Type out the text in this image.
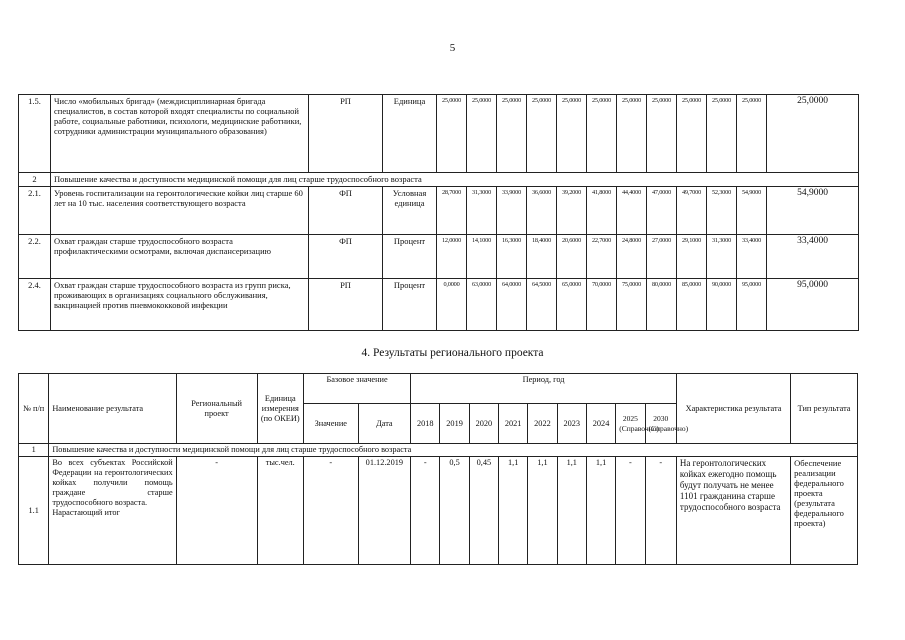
5
1.5.	Число «мобильных бригад» (междисциплинарная бригада специалистов, в состав которой входят специалисты по социальной работе, социальные работники, психологи, медицинские работники, сотрудники администрации муниципального образования)	РП	Единица	25,0000	25,0000	25,0000	25,0000	25,0000	25,0000	25,0000	25,0000	25,0000	25,0000	25,0000	25,0000
2	Повышение качества и доступности медицинской помощи для лиц старше трудоспособного возраста														
2.1.	Уровень госпитализации на геронтологические койки лиц старше 60 лет на 10 тыс. населения соответствующего возраста	ФП	Условная единица	28,7000	31,3000	33,9000	36,6000	39,2000	41,8000	44,4000	47,0000	49,7000	52,3000	54,9000	54,9000
2.2.	Охват граждан старше трудоспособного возраста профилактическими осмотрами, включая диспансеризацию	ФП	Процент	12,0000	14,1000	16,3000	18,4000	20,6000	22,7000	24,8000	27,0000	29,1000	31,3000	33,4000	33,4000
2.4.	Охват граждан старше трудоспособного возраста из групп риска, проживающих в организациях социального обслуживания, вакцинацией против пневмококковой инфекции	РП	Процент	0,0000	63,0000	64,0000	64,5000	65,0000	70,0000	75,0000	80,0000	85,0000	90,0000	95,0000	95,0000
4. Результаты регионального проекта
№ п/п	Наименование результата	Региональный проект	Единица измерения (по ОКЕИ)	Базовое значение		Период, год									Характеристика результата	Тип результата
				Значение	Дата	2018	2019	2020	2021	2022	2023	2024	2025 (Справочно)	2030 (Справочно)		
1	Повышение качества и доступности медицинской помощи для лиц старше трудоспособного возраста															
1.1	Во всех субъектах Российской Федерации на геронтологических койках получили помощь граждане старше трудоспособного возраста.
Нарастающий итог	-	тыс.чел.	-	01.12.2019	-	0,5	0,45	1,1	1,1	1,1	1,1	-	-	На геронтологических койках ежегодно помощь будут получать не менее 1101 гражданина старше трудоспособного возраста	Обеспечение реализации федерального проекта (результата федерального проекта)
